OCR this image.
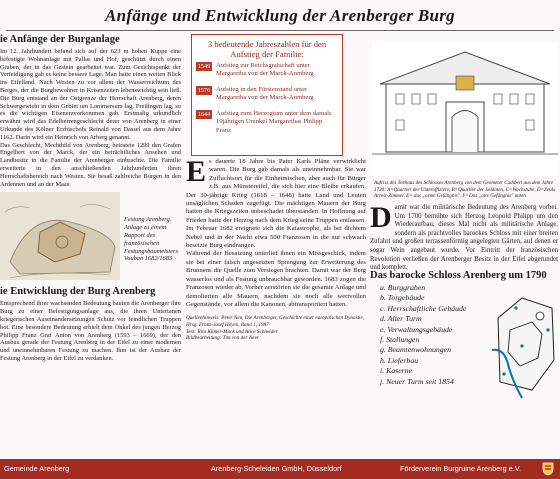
Anfänge und Entwicklung der Arenberger Burg
ie Anfänge der Burganlage

Im 12. Jahrhundert befand sich auf der 623 m hohen Kuppe eine befestigte Wohnanlage mit Pallas und Hof, geschützt durch einen Graben, der in das Gestein gearbeitet war. Zum Gesichtspunkt der Verteidigung gab es keine bessere Lage. Man hatte einen weiten Blick ins Eifelland. Nach Westen zu vor allem der Wasserreichtum des Berges, der die Burgbewohner in Krisenzeiten lebenswichtig sein ließ. Die Burg entstand an der Ostgrenze der Herrschaft Arenberg, deren Schwergewicht in dem Gebiet um Lommersum lag. Freilingen lag, so es die wichtigen Eisenerzvorkommen gab. Erstmalig urkundlich erwähnt wird das Edelherrengeschlecht derer von Arenberg in einer Urkunde des Kölner Erzbischofs Reinald von Dassel aus dem Jahre 1162. Darin wird ein Heinrich von Arberg genannt.

Das Geschlecht, Mechthild von Arenberg, heiratete 1299 den Grafen Engelbert von der Marck, der ein beträchtliches Ansehen und Landbesitz in die Familie der Arenberger einbrachte. Die Familie erweiterte in den anschließenden Jahrhunderten ihren Herrschaftsbereich nach Westen. Sie besaß zahlreiche Burgen in den Ardennen und an der Maas.

Festung Arenberg. Anlage zu einem Rapport des französischen Festungsbaumeisters Vauban 1682/1683
ie Entwicklung der Burg Arenberg

Entsprechend ihrer wachsenden Bedeutung bauten die Arenberger ihre Burg zu einer Befestigungsanlage aus, die ihren Untertanen kriegerischen Auseinandersetzungen Schutz vor feindlichen Truppen bot. Eine besondere Bedeutung erhielt dem Onkel des jungen Herzog Philipp Franz Graf Anton von Arenberg (1593 – 1669), der den Ausbau gerade der Festung Arenberg in der Eifel zu einer modernen und uneinnehmbaren Festung zu machen. Ihm ist der Ausbau der Festung Arenberg in der Eifel zu verdanken.

3 bedeutende Jahreszahlen für den Aufstieg der Familie:
1549 Aufstieg zur Reichsgrafschaft unter Margaretha von der Marck-Arenberg
1576 Aufstieg in den Fürstenstand unter Margaretha von der Marck-Arenberg
1644 Aufstieg zum Herzogtum unter dem damals 19jährigen Urenkel Margarethas Philipp Franz
E s dauerte 18 Jahre bis Pater Karls Pläne verwirklicht waren. Die Burg gab damals als uneinnehmbar. Sie war Zufluchtsort für die Einheimischen, aber auch für Bürger z.B. aus Münstereifel, die sich hier eine Bleibe erkaufen. Der 30-jährige Krieg (1618 – 1648) hatte Land und Leuten unsäglichen Schaden zugefügt. Die mächtigen Mauern der Burg hatten die Kriegszeiten unbeschadet überstanden. In Hoffnung auf Frieden hatte der Herzog nach dem Krieg seine Truppen entlassen. Im Februar 1682 ereignete sich die Katastrophe, als bei dichtem Nebel und in der Nacht etwa 500 Franzosen in die nur schwach besetzte Burg eindrangen.
Während der Besatzung unterlief ihnen ein Missgeschick, indem sie bei einer falsch angesetzten Sprengung zur Erweiterung des Brunnens die Quelle zum Versiegen brachten. Damit war der Berg wasserlos und als Festung unbrauchbar geworden. 1683 zogen die Franzosen wieder ab. Vorher zerstörten sie die gesamte Anlage und demolierten alle Mauern, nachdem sie noch alle wertvollen Gegenstände, vor allem die Kanonen, abtransportiert hatten.
Quellenhinweis: Peter Neu, Die Arenberger, Geschichte einer europäischen Dynastie, Hrsg. Franz-Josef Heyen, Band 1, 1987
Text: Rita Kümer-Mack und Alice Schneider
Bildbearbeitung: Tim von der Neer
Aufriss des Torbaus des Schlosses Arenberg von dem Geometer Cadibert aus dem Jahre 1730: A=Quartier der Unteroffiziere, B=Quartier der Soldaten, C=Wachstube, D=Zeuls Arrest-Zimmer, E= das „arme Gefängnis", F=Das „alte Gefängnis" unten
D amit war die militärische Bedeutung des Arenberg vorbei. Um 1700 bemühte sich Herzog Leopold Philipp um den Wiederaufbau, dieses Mal nicht als militärische Anlage, sondern als prachtvolles barockes Schloss mit einer breiten Zufahrt und großen terrassenförmig angelegten Gärten, auf denen er sogar Wein angebaut wurde. Vor Eintritt der französischen Revolution verließen der Arenberger Besitz in der Eifel abgerundet und komplett.
Das barocke Schloss Arenberg um 1790
a. Burggraben
b. Torgebäude
c. Herrschaftliche Gebäude
d. Alter Turm
e. Verwaltungsgebäude
f. Stallungen
g. Beamtenwohnungen
h. Lieferbau
i. Kaserne
j. Neuer Turm seit 1854
Gemeinde Arenberg	Arenberg-Scheleiden GmbH, Düsseldorf	Förderverein Burgruine Arenberg e.V.
